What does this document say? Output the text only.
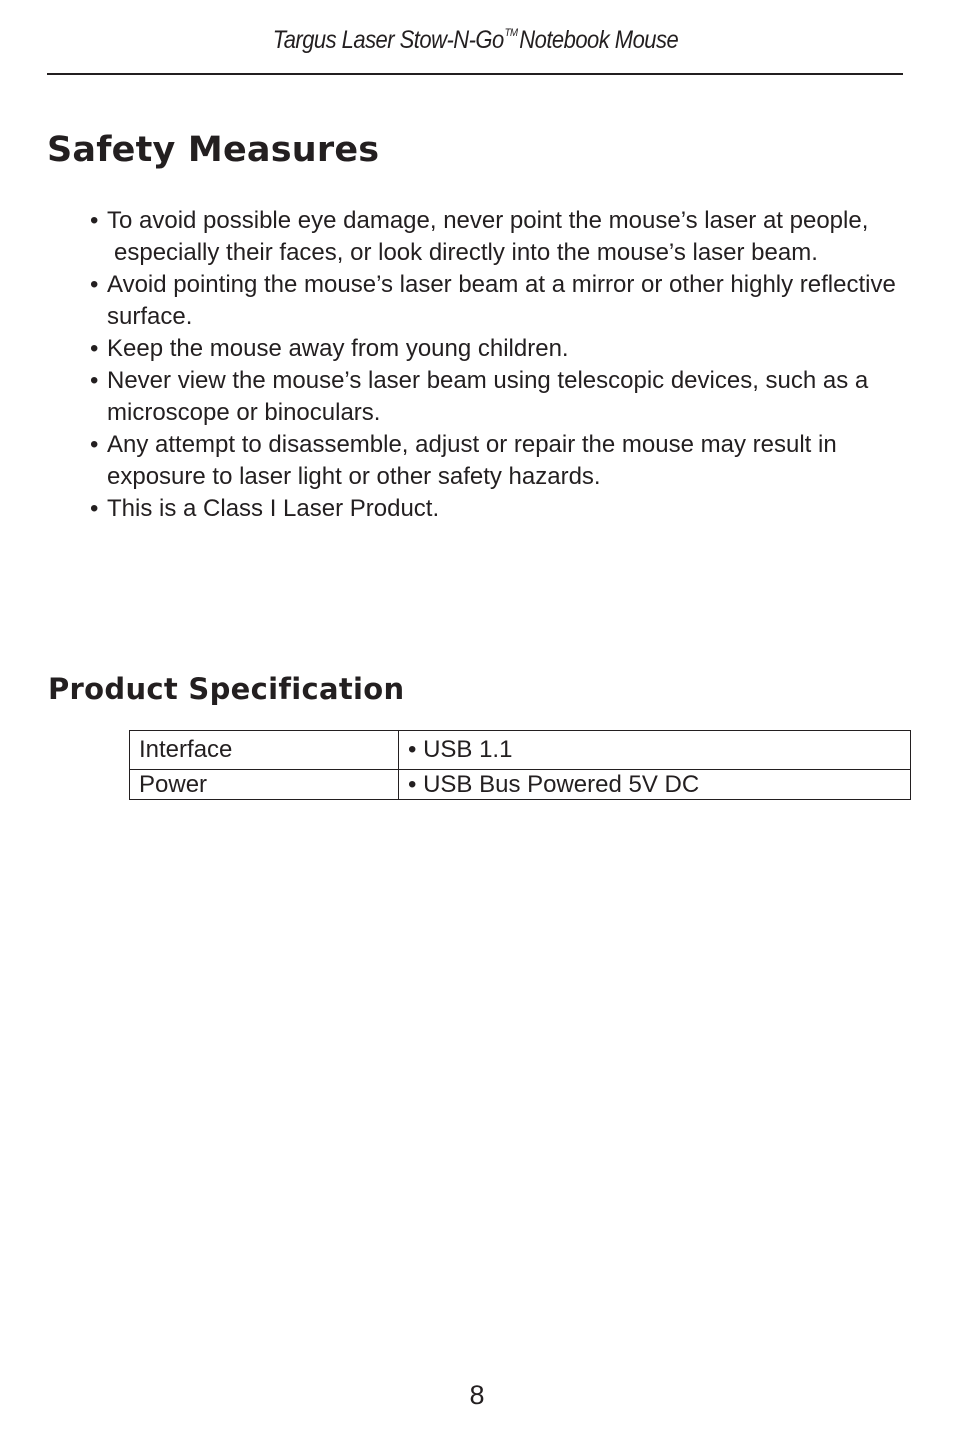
Targus Laser Stow-N-Go™Notebook Mouse
Safety Measures
• To avoid possible eye damage, never point the mouse’s laser at people, especially their faces, or look directly into the mouse’s laser beam.
• Avoid pointing the mouse’s laser beam at a mirror or other highly reflective surface.
• Keep the mouse away from young children.
• Never view the mouse’s laser beam using telescopic devices, such as a microscope or binoculars.
• Any attempt to disassemble, adjust or repair the mouse may result in exposure to laser light or other safety hazards.
• This is a Class I Laser Product.
Product Specification
Interface	• USB 1.1
Power	• USB Bus Powered 5V DC
8
